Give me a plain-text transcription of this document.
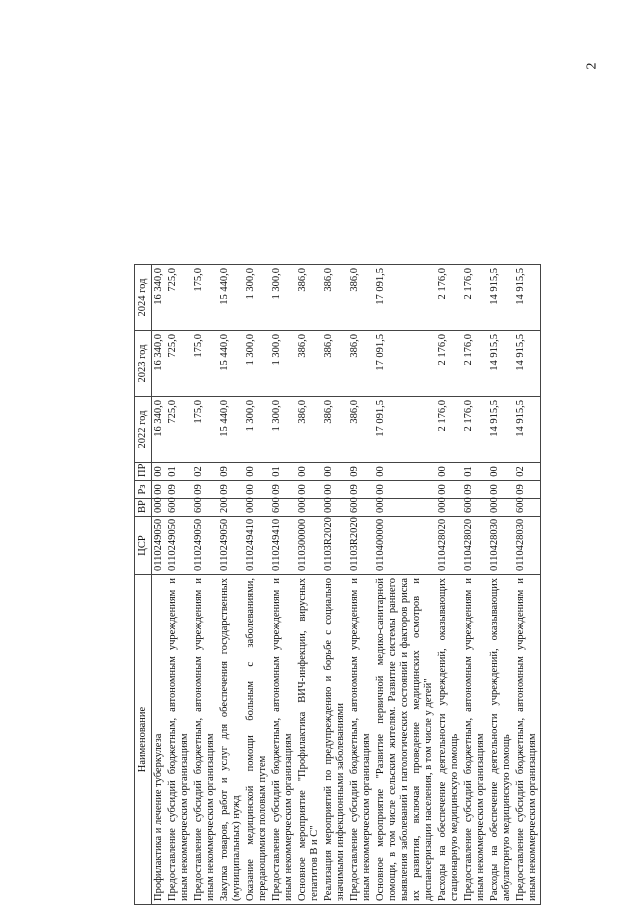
2
Наименование	ЦСР	ВР	Рз	ПР	2022 год	2023 год	2024 год
Профилактика и лечение туберкулеза	0110249050	000	00	00	16 340,0	16 340,0	16 340,0
Предоставление субсидий бюджетным, автономным учреждениям и иным некоммерческим организациям	0110249050	600	09	01	725,0	725,0	725,0
Предоставление субсидий бюджетным, автономным учреждениям и иным некоммерческим организациям	0110249050	600	09	02	175,0	175,0	175,0
Закупка товаров, работ и услуг для обеспечения государственных (муниципальных) нужд	0110249050	200	09	09	15 440,0	15 440,0	15 440,0
Оказание медицинской помощи больным с заболеваниями, передающимися половым путем	0110249410	000	00	00	1 300,0	1 300,0	1 300,0
Предоставление субсидий бюджетным, автономным учреждениям и иным некоммерческим организациям	0110249410	600	09	01	1 300,0	1 300,0	1 300,0
Основное мероприятие "Профилактика ВИЧ-инфекции, вирусных гепатитов В и С"	0110300000	000	00	00	386,0	386,0	386,0
Реализация мероприятий по предупреждению и борьбе с социально значимыми инфекционными заболеваниями	01103R2020	000	00	00	386,0	386,0	386,0
Предоставление субсидий бюджетным, автономным учреждениям и иным некоммерческим организациям	01103R2020	600	09	09	386,0	386,0	386,0
Основное мероприятие "Развитие первичной медико-санитарной помощи, в том числе сельским жителям. Развитие системы раннего выявления заболеваний и патологических состояний и факторов риска их развития, включая проведение медицинских осмотров и диспансеризации населения, в том числе у детей"	0110400000	000	00	00	17 091,5	17 091,5	17 091,5
Расходы на обеспечение деятельности учреждений, оказывающих стационарную медицинскую помощь	0110428020	000	00	00	2 176,0	2 176,0	2 176,0
Предоставление субсидий бюджетным, автономным учреждениям и иным некоммерческим организациям	0110428020	600	09	01	2 176,0	2 176,0	2 176,0
Расходы на обеспечение деятельности учреждений, оказывающих амбулаторную медицинскую помощь	0110428030	000	00	00	14 915,5	14 915,5	14 915,5
Предоставление субсидий бюджетным, автономным учреждениям и иным некоммерческим организациям	0110428030	600	09	02	14 915,5	14 915,5	14 915,5
